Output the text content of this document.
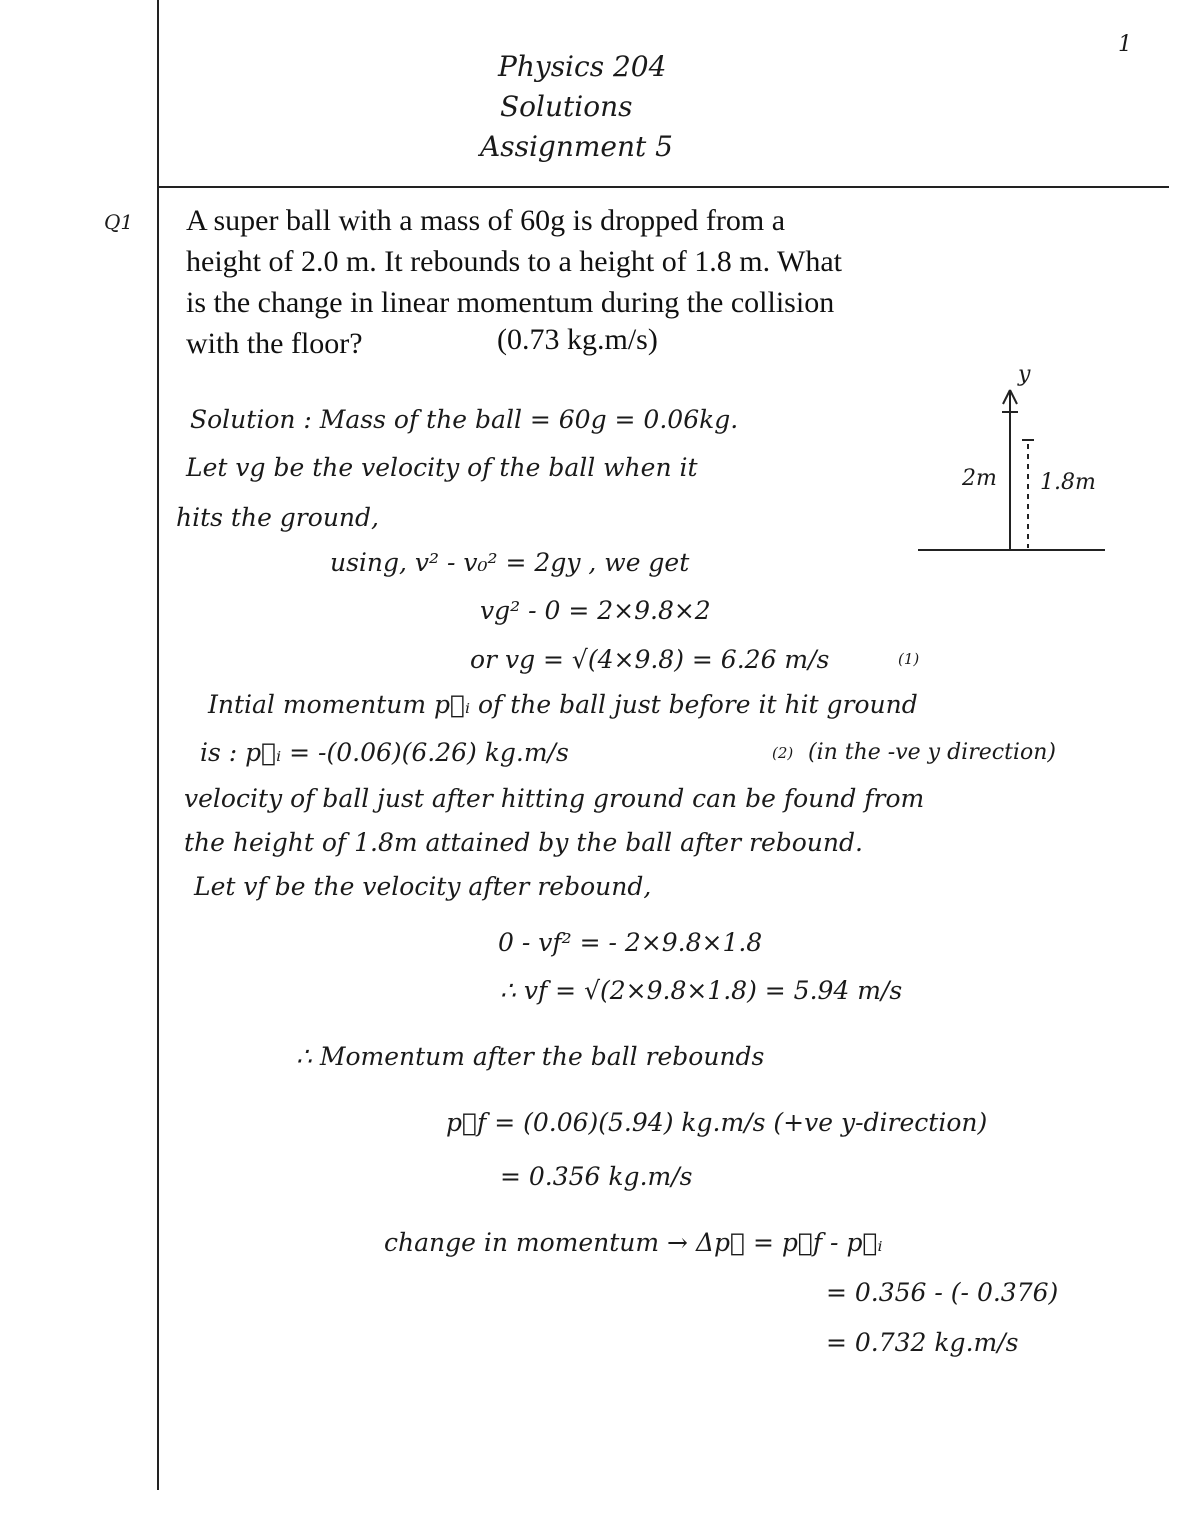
1
Physics 204
Solutions
Assignment 5
Q1 A super ball with a mass of 60g is dropped from a
height of 2.0 m. It rebounds to a height of 1.8 m. What
is the change in linear momentum during the collision
with the floor?	(0.73 kg.m/s)
y
2m 1.8m
Solution : Mass of the ball = 60g = 0.06kg.
Let vg be the velocity of the ball when it
hits the ground,
using, v² - v₀² = 2gy , we get
vg² - 0 = 2×9.8×2
or vg = √(4×9.8) = 6.26 m/s	(1)
Intial momentum p⃗ᵢ of the ball just before it hit ground
is : p⃗ᵢ = -(0.06)(6.26) kg.m/s	(2) (in the -ve y direction)
velocity of ball just after hitting ground can be found from
the height of 1.8m attained by the ball after rebound.
Let vf be the velocity after rebound,
0 - vf² = - 2×9.8×1.8
∴ vf = √(2×9.8×1.8) = 5.94 m/s
∴ Momentum after the ball rebounds
p⃗f = (0.06)(5.94) kg.m/s (+ve y-direction)
= 0.356 kg.m/s
change in momentum → Δp⃗ = p⃗f - p⃗ᵢ
= 0.356 - (- 0.376)
= 0.732 kg.m/s
